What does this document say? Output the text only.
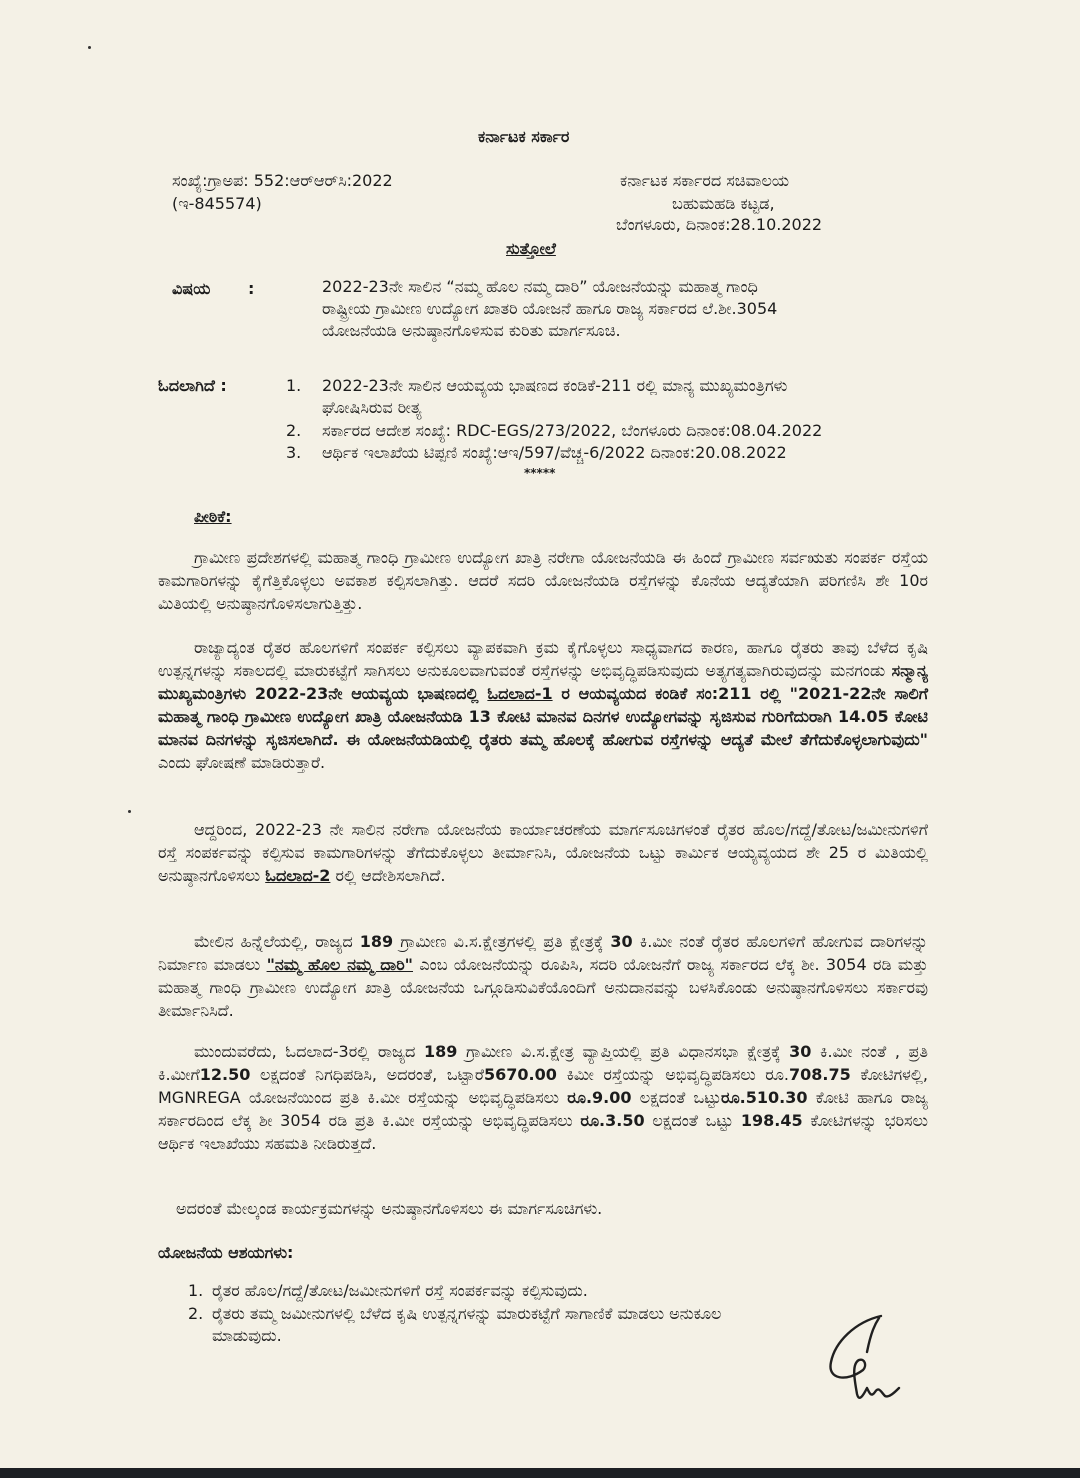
ಕರ್ನಾಟಕ ಸರ್ಕಾರ
ಸಂಖ್ಯೆ:ಗ್ರಾಅಪ: 552:ಆರ್‌ಆರ್‌ಸಿ:2022
(ಇ-845574)
ಕರ್ನಾಟಕ ಸರ್ಕಾರದ ಸಚಿವಾಲಯ
ಬಹುಮಹಡಿ ಕಟ್ಟಡ,
ಬೆಂಗಳೂರು, ದಿನಾಂಕ:28.10.2022
ಸುತ್ತೋಲೆ
ವಿಷಯ :	2022-23ನೇ ಸಾಲಿನ “ನಮ್ಮ ಹೊಲ ನಮ್ಮ ದಾರಿ” ಯೋಜನೆಯನ್ನು ಮಹಾತ್ಮ ಗಾಂಧಿ
ರಾಷ್ಟ್ರೀಯ ಗ್ರಾಮೀಣ ಉದ್ಯೋಗ ಖಾತರಿ ಯೋಜನೆ ಹಾಗೂ ರಾಜ್ಯ ಸರ್ಕಾರದ ಲೆ.ಶೀ.3054
ಯೋಜನೆಯಡಿ ಅನುಷ್ಠಾನಗೊಳಿಸುವ ಕುರಿತು ಮಾರ್ಗಸೂಚಿ.
ಓದಲಾಗಿದೆ :	1. 2022-23ನೇ ಸಾಲಿನ ಆಯವ್ಯಯ ಭಾಷಣದ ಕಂಡಿಕೆ-211 ರಲ್ಲಿ ಮಾನ್ಯ ಮುಖ್ಯಮಂತ್ರಿಗಳು
ಘೋಷಿಸಿರುವ ರೀತ್ಯ
2. ಸರ್ಕಾರದ ಆದೇಶ ಸಂಖ್ಯೆ: RDC-EGS/273/2022, ಬೆಂಗಳೂರು ದಿನಾಂಕ:08.04.2022
3. ಆರ್ಥಿಕ ಇಲಾಖೆಯ ಟಿಪ್ಪಣಿ ಸಂಖ್ಯೆ:ಆಇ/597/ವೆಚ್ಚ-6/2022 ದಿನಾಂಕ:20.08.2022
*****
ಪೀಠಿಕೆ:

ಗ್ರಾಮೀಣ ಪ್ರದೇಶಗಳಲ್ಲಿ ಮಹಾತ್ಮ ಗಾಂಧಿ ಗ್ರಾಮೀಣ ಉದ್ಯೋಗ ಖಾತ್ರಿ ನರೇಗಾ ಯೋಜನೆಯಡಿ ಈ ಹಿಂದೆ ಗ್ರಾಮೀಣ ಸರ್ವಋತು ಸಂಪರ್ಕ ರಸ್ತೆಯ ಕಾಮಗಾರಿಗಳನ್ನು ಕೈಗೆತ್ತಿಕೊಳ್ಳಲು ಅವಕಾಶ ಕಲ್ಪಿಸಲಾಗಿತ್ತು. ಆದರೆ ಸದರಿ ಯೋಜನೆಯಡಿ ರಸ್ತೆಗಳನ್ನು ಕೊನೆಯ ಆದ್ಯತೆಯಾಗಿ ಪರಿಗಣಿಸಿ ಶೇ 10ರ ಮಿತಿಯಲ್ಲಿ ಅನುಷ್ಠಾನಗೊಳಿಸಲಾಗುತ್ತಿತ್ತು.

ರಾಜ್ಯಾದ್ಯಂತ ರೈತರ ಹೊಲಗಳಿಗೆ ಸಂಪರ್ಕ ಕಲ್ಪಿಸಲು ವ್ಯಾಪಕವಾಗಿ ಕ್ರಮ ಕೈಗೊಳ್ಳಲು ಸಾಧ್ಯವಾಗದ ಕಾರಣ, ಹಾಗೂ ರೈತರು ತಾವು ಬೆಳೆದ ಕೃಷಿ ಉತ್ಪನ್ನಗಳನ್ನು ಸಕಾಲದಲ್ಲಿ ಮಾರುಕಟ್ಟೆಗೆ ಸಾಗಿಸಲು ಅನುಕೂಲವಾಗುವಂತೆ ರಸ್ತೆಗಳನ್ನು ಅಭಿವೃದ್ಧಿಪಡಿಸುವುದು ಅತ್ಯಗತ್ಯವಾಗಿರುವುದನ್ನು ಮನಗಂಡು ಸನ್ಮಾನ್ಯ ಮುಖ್ಯಮಂತ್ರಿಗಳು 2022-23ನೇ ಆಯವ್ಯಯ ಭಾಷಣದಲ್ಲಿ ಓದಲಾದ-1 ರ ಆಯವ್ಯಯದ ಕಂಡಿಕೆ ಸಂ:211 ರಲ್ಲಿ "2021-22ನೇ ಸಾಲಿಗೆ ಮಹಾತ್ಮ ಗಾಂಧಿ ಗ್ರಾಮೀಣ ಉದ್ಯೋಗ ಖಾತ್ರಿ ಯೋಜನೆಯಡಿ 13 ಕೋಟಿ ಮಾನವ ದಿನಗಳ ಉದ್ಯೋಗವನ್ನು ಸೃಜಿಸುವ ಗುರಿಗೆದುರಾಗಿ 14.05 ಕೋಟಿ ಮಾನವ ದಿನಗಳನ್ನು ಸೃಜಿಸಲಾಗಿದೆ. ಈ ಯೋಜನೆಯಡಿಯಲ್ಲಿ ರೈತರು ತಮ್ಮ ಹೊಲಕ್ಕೆ ಹೋಗುವ ರಸ್ತೆಗಳನ್ನು ಆದ್ಯತೆ ಮೇಲೆ ತೆಗೆದುಕೊಳ್ಳಲಾಗುವುದು" ಎಂದು ಘೋಷಣೆ ಮಾಡಿರುತ್ತಾರೆ.

ಆದ್ದರಿಂದ, 2022-23 ನೇ ಸಾಲಿನ ನರೇಗಾ ಯೋಜನೆಯ ಕಾರ್ಯಾಚರಣೆಯ ಮಾರ್ಗಸೂಚಿಗಳಂತೆ ರೈತರ ಹೊಲ/ಗದ್ದೆ/ತೋಟ/ಜಮೀನುಗಳಿಗೆ ರಸ್ತೆ ಸಂಪರ್ಕವನ್ನು ಕಲ್ಪಿಸುವ ಕಾಮಗಾರಿಗಳನ್ನು ತೆಗೆದುಕೊಳ್ಳಲು ತೀರ್ಮಾನಿಸಿ, ಯೋಜನೆಯ ಒಟ್ಟು ಕಾರ್ಮಿಕ ಆಯ್ಯವ್ಯಯದ ಶೇ 25 ರ ಮಿತಿಯಲ್ಲಿ ಅನುಷ್ಠಾನಗೊಳಿಸಲು ಓದಲಾದ-2 ರಲ್ಲಿ ಆದೇಶಿಸಲಾಗಿದೆ.

ಮೇಲಿನ ಹಿನ್ನೆಲೆಯಲ್ಲಿ, ರಾಜ್ಯದ 189 ಗ್ರಾಮೀಣ ವಿ.ಸ.ಕ್ಷೇತ್ರಗಳಲ್ಲಿ ಪ್ರತಿ ಕ್ಷೇತ್ರಕ್ಕೆ 30 ಕಿ.ಮೀ ನಂತೆ ರೈತರ ಹೊಲಗಳಿಗೆ ಹೋಗುವ ದಾರಿಗಳನ್ನು ನಿರ್ಮಾಣ ಮಾಡಲು "ನಮ್ಮ ಹೊಲ ನಮ್ಮ ದಾರಿ" ಎಂಬ ಯೋಜನೆಯನ್ನು ರೂಪಿಸಿ, ಸದರಿ ಯೋಜನೆಗೆ ರಾಜ್ಯ ಸರ್ಕಾರದ ಲೆಕ್ಕ ಶೀ. 3054 ರಡಿ ಮತ್ತು ಮಹಾತ್ಮ ಗಾಂಧಿ ಗ್ರಾಮೀಣ ಉದ್ಯೋಗ ಖಾತ್ರಿ ಯೋಜನೆಯ ಒಗ್ಗೂಡಿಸುವಿಕೆಯೊಂದಿಗೆ ಅನುದಾನವನ್ನು ಬಳಸಿಕೊಂಡು ಅನುಷ್ಠಾನಗೊಳಿಸಲು ಸರ್ಕಾರವು ತೀರ್ಮಾನಿಸಿದೆ.

ಮುಂದುವರೆದು, ಓದಲಾದ-3ರಲ್ಲಿ ರಾಜ್ಯದ 189 ಗ್ರಾಮೀಣ ವಿ.ಸ.ಕ್ಷೇತ್ರ ವ್ಯಾಪ್ತಿಯಲ್ಲಿ ಪ್ರತಿ ವಿಧಾನಸಭಾ ಕ್ಷೇತ್ರಕ್ಕೆ 30 ಕಿ.ಮೀ ನಂತೆ , ಪ್ರತಿ ಕಿ.ಮೀಗೆ12.50 ಲಕ್ಷದಂತೆ ನಿಗಧಿಪಡಿಸಿ, ಅದರಂತೆ, ಒಟ್ಟಾರೆ5670.00 ಕಿಮೀ ರಸ್ತೆಯನ್ನು ಅಭಿವೃದ್ಧಿಪಡಿಸಲು ರೂ.708.75 ಕೋಟಿಗಳಲ್ಲಿ, MGNREGA ಯೋಜನೆಯಿಂದ ಪ್ರತಿ ಕಿ.ಮೀ ರಸ್ತೆಯನ್ನು ಅಭಿವೃದ್ಧಿಪಡಿಸಲು ರೂ.9.00 ಲಕ್ಷದಂತೆ ಒಟ್ಟುರೂ.510.30 ಕೋಟಿ ಹಾಗೂ ರಾಜ್ಯ ಸರ್ಕಾರದಿಂದ ಲೆಕ್ಕ ಶೀ 3054 ರಡಿ ಪ್ರತಿ ಕಿ.ಮೀ ರಸ್ತೆಯನ್ನು ಅಭಿವೃದ್ಧಿಪಡಿಸಲು ರೂ.3.50 ಲಕ್ಷದಂತೆ ಒಟ್ಟು 198.45 ಕೋಟಿಗಳನ್ನು ಭರಿಸಲು ಆರ್ಥಿಕ ಇಲಾಖೆಯು ಸಹಮತಿ ನೀಡಿರುತ್ತದೆ.

ಅದರಂತೆ ಮೇಲ್ಕಂಡ ಕಾರ್ಯಕ್ರಮಗಳನ್ನು ಅನುಷ್ಠಾನಗೊಳಿಸಲು ಈ ಮಾರ್ಗಸೂಚಿಗಳು.
ಯೋಜನೆಯ ಆಶಯಗಳು:
1. ರೈತರ ಹೊಲ/ಗದ್ದೆ/ತೋಟ/ಜಮೀನುಗಳಿಗೆ ರಸ್ತೆ ಸಂಪರ್ಕವನ್ನು ಕಲ್ಪಿಸುವುದು.
2. ರೈತರು ತಮ್ಮ ಜಮೀನುಗಳಲ್ಲಿ ಬೆಳೆದ ಕೃಷಿ ಉತ್ಪನ್ನಗಳನ್ನು ಮಾರುಕಟ್ಟೆಗೆ ಸಾಗಾಣಿಕೆ ಮಾಡಲು ಅನುಕೂಲ
ಮಾಡುವುದು.
